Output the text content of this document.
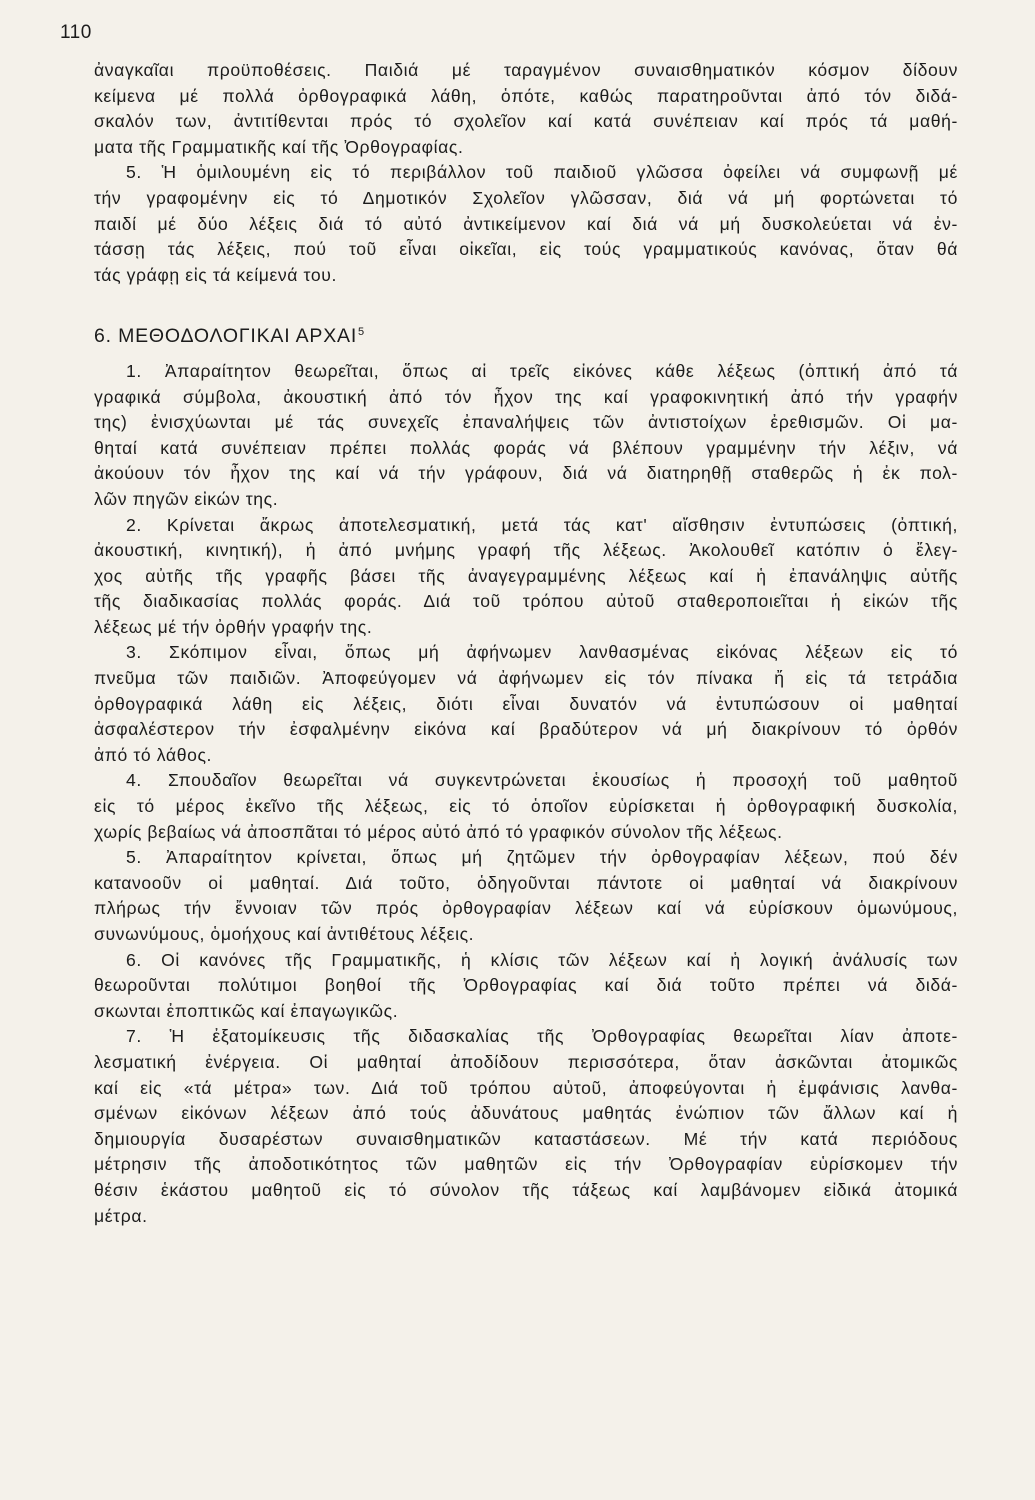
110
ἀναγκαῖαι προϋποθέσεις. Παιδιά μέ ταραγμένον συναισθηματικόν κόσμον δίδουν
κείμενα μέ πολλά ὀρθογραφικά λάθη, ὁπότε, καθώς παρατηροῦνται ἀπό τόν διδά-
σκαλόν των, ἀντιτίθενται πρός τό σχολεῖον καί κατά συνέπειαν καί πρός τά μαθή-
ματα τῆς Γραμματικῆς καί τῆς Ὀρθογραφίας.
5. Ἡ ὁμιλουμένη εἰς τό περιβάλλον τοῦ παιδιοῦ γλῶσσα ὀφείλει νά συμφωνῇ μέ
τήν γραφομένην εἰς τό Δημοτικόν Σχολεῖον γλῶσσαν, διά νά μή φορτώνεται τό
παιδί μέ δύο λέξεις διά τό αὐτό ἀντικείμενον καί διά νά μή δυσκολεύεται νά ἐν-
τάσσῃ τάς λέξεις, πού τοῦ εἶναι οἰκεῖαι, εἰς τούς γραμματικούς κανόνας, ὅταν θά
τάς γράφῃ εἰς τά κείμενά του.
6. ΜΕΘΟΔΟΛΟΓΙΚΑΙ ΑΡΧΑΙ$^5$
1. Ἀπαραίτητον θεωρεῖται, ὅπως αἱ τρεῖς εἰκόνες κάθε λέξεως (ὀπτική ἀπό τά
γραφικά σύμβολα, ἀκουστική ἀπό τόν ἦχον της καί γραφοκινητική ἀπό τήν γραφήν
της) ἐνισχύωνται μέ τάς συνεχεῖς ἐπαναλήψεις τῶν ἀντιστοίχων ἐρεθισμῶν. Οἱ μα-
θηταί κατά συνέπειαν πρέπει πολλάς φοράς νά βλέπουν γραμμένην τήν λέξιν, νά
ἀκούουν τόν ἦχον της καί νά τήν γράφουν, διά νά διατηρηθῇ σταθερῶς ἡ ἐκ πολ-
λῶν πηγῶν εἰκών της.
2. Κρίνεται ἄκρως ἀποτελεσματική, μετά τάς κατ' αἴσθησιν ἐντυπώσεις (ὀπτική,
ἀκουστική, κινητική), ἡ ἀπό μνήμης γραφή τῆς λέξεως. Ἀκολουθεῖ κατόπιν ὁ ἔλεγ-
χος αὐτῆς τῆς γραφῆς βάσει τῆς ἀναγεγραμμένης λέξεως καί ἡ ἐπανάληψις αὐτῆς
τῆς διαδικασίας πολλάς φοράς. Διά τοῦ τρόπου αὐτοῦ σταθεροποιεῖται ἡ εἰκών τῆς
λέξεως μέ τήν ὀρθήν γραφήν της.
3. Σκόπιμον εἶναι, ὅπως μή ἀφήνωμεν λανθασμένας εἰκόνας λέξεων εἰς τό
πνεῦμα τῶν παιδιῶν. Ἀποφεύγομεν νά ἀφήνωμεν εἰς τόν πίνακα ἤ εἰς τά τετράδια
ὀρθογραφικά λάθη εἰς λέξεις, διότι εἶναι δυνατόν νά ἐντυπώσουν οἱ μαθηταί
ἀσφαλέστερον τήν ἐσφαλμένην εἰκόνα καί βραδύτερον νά μή διακρίνουν τό ὀρθόν
ἀπό τό λάθος.
4. Σπουδαῖον θεωρεῖται νά συγκεντρώνεται ἑκουσίως ἡ προσοχή τοῦ μαθητοῦ
εἰς τό μέρος ἐκεῖνο τῆς λέξεως, εἰς τό ὁποῖον εὑρίσκεται ἡ ὀρθογραφική δυσκολία,
χωρίς βεβαίως νά ἀποσπᾶται τό μέρος αὐτό ἀπό τό γραφικόν σύνολον τῆς λέξεως.
5. Ἀπαραίτητον κρίνεται, ὅπως μή ζητῶμεν τήν ὀρθογραφίαν λέξεων, πού δέν
κατανοοῦν οἱ μαθηταί. Διά τοῦτο, ὁδηγοῦνται πάντοτε οἱ μαθηταί νά διακρίνουν
πλήρως τήν ἔννοιαν τῶν πρός ὀρθογραφίαν λέξεων καί νά εὑρίσκουν ὁμωνύμους,
συνωνύμους, ὁμοήχους καί ἀντιθέτους λέξεις.
6. Οἱ κανόνες τῆς Γραμματικῆς, ἡ κλίσις τῶν λέξεων καί ἡ λογική ἀνάλυσίς των
θεωροῦνται πολύτιμοι βοηθοί τῆς Ὀρθογραφίας καί διά τοῦτο πρέπει νά διδά-
σκωνται ἐποπτικῶς καί ἐπαγωγικῶς.
7. Ἡ ἐξατομίκευσις τῆς διδασκαλίας τῆς Ὀρθογραφίας θεωρεῖται λίαν ἀποτε-
λεσματική ἐνέργεια. Οἱ μαθηταί ἀποδίδουν περισσότερα, ὅταν ἀσκῶνται ἀτομικῶς
καί εἰς «τά μέτρα» των. Διά τοῦ τρόπου αὐτοῦ, ἀποφεύγονται ἡ ἐμφάνισις λανθα-
σμένων εἰκόνων λέξεων ἀπό τούς ἀδυνάτους μαθητάς ἐνώπιον τῶν ἄλλων καί ἡ
δημιουργία δυσαρέστων συναισθηματικῶν καταστάσεων. Μέ τήν κατά περιόδους
μέτρησιν τῆς ἀποδοτικότητος τῶν μαθητῶν εἰς τήν Ὀρθογραφίαν εὑρίσκομεν τήν
θέσιν ἑκάστου μαθητοῦ εἰς τό σύνολον τῆς τάξεως καί λαμβάνομεν εἰδικά ἀτομικά
μέτρα.
